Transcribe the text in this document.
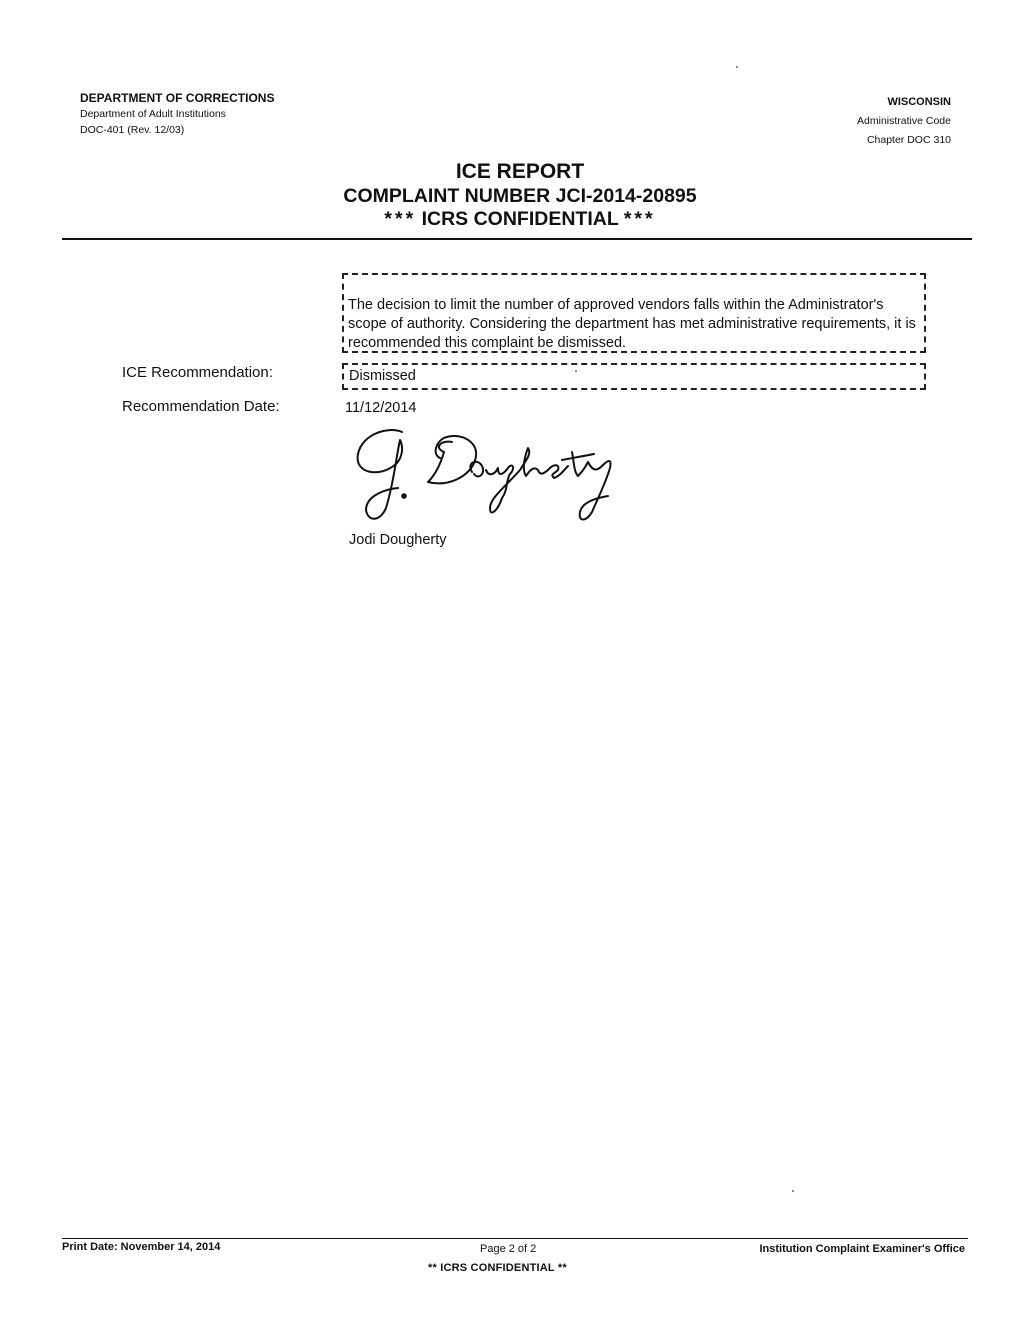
DEPARTMENT OF CORRECTIONS
Department of Adult Institutions
DOC-401 (Rev. 12/03)
WISCONSIN
Administrative Code
Chapter DOC 310
ICE REPORT
COMPLAINT NUMBER JCI-2014-20895
*** ICRS CONFIDENTIAL ***
The decision to limit the number of approved vendors falls within the Administrator's scope of authority. Considering the department has met administrative requirements, it is recommended this complaint be dismissed.
ICE Recommendation:	Dismissed
Recommendation Date:	11/12/2014
Jodi Dougherty
Print Date: November 14, 2014	Page 2 of 2
** ICRS CONFIDENTIAL **
Institution Complaint Examiner's Office
